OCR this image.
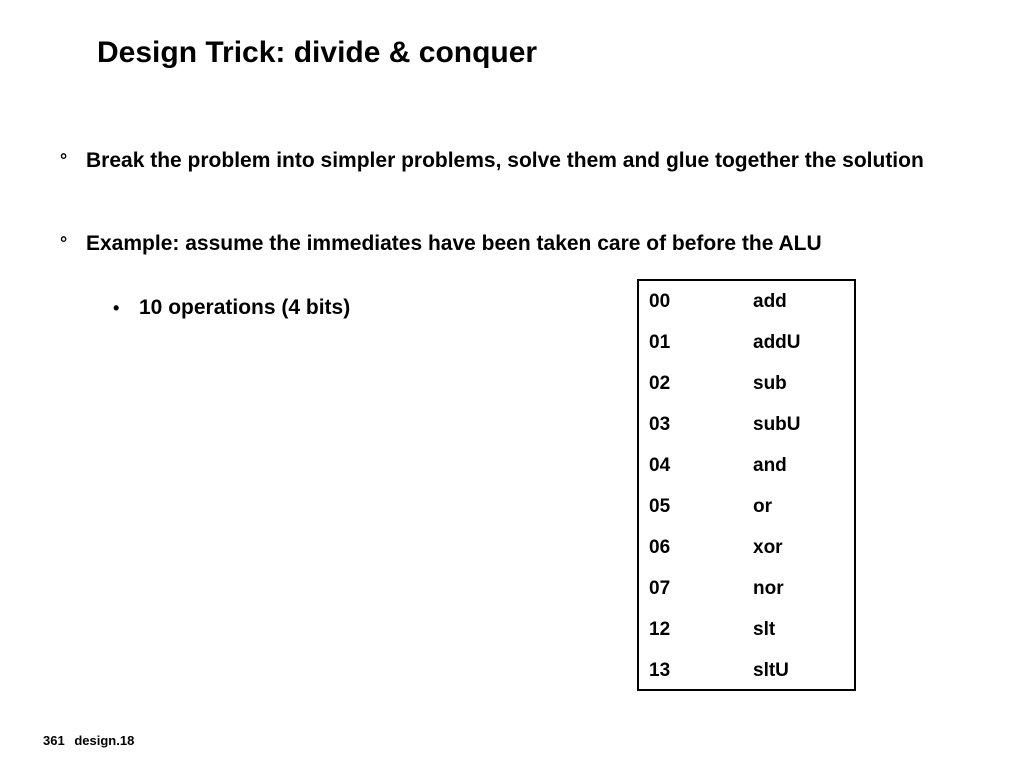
Design Trick: divide & conquer
° Break the problem into simpler problems, solve them and glue together the solution
° Example: assume the immediates have been taken care of before the ALU
• 10 operations (4 bits)	00	add
01	addU
02	sub
03	subU
04	and
05	or
06	xor
07	nor
12	slt
13	sltU
361 design.18
